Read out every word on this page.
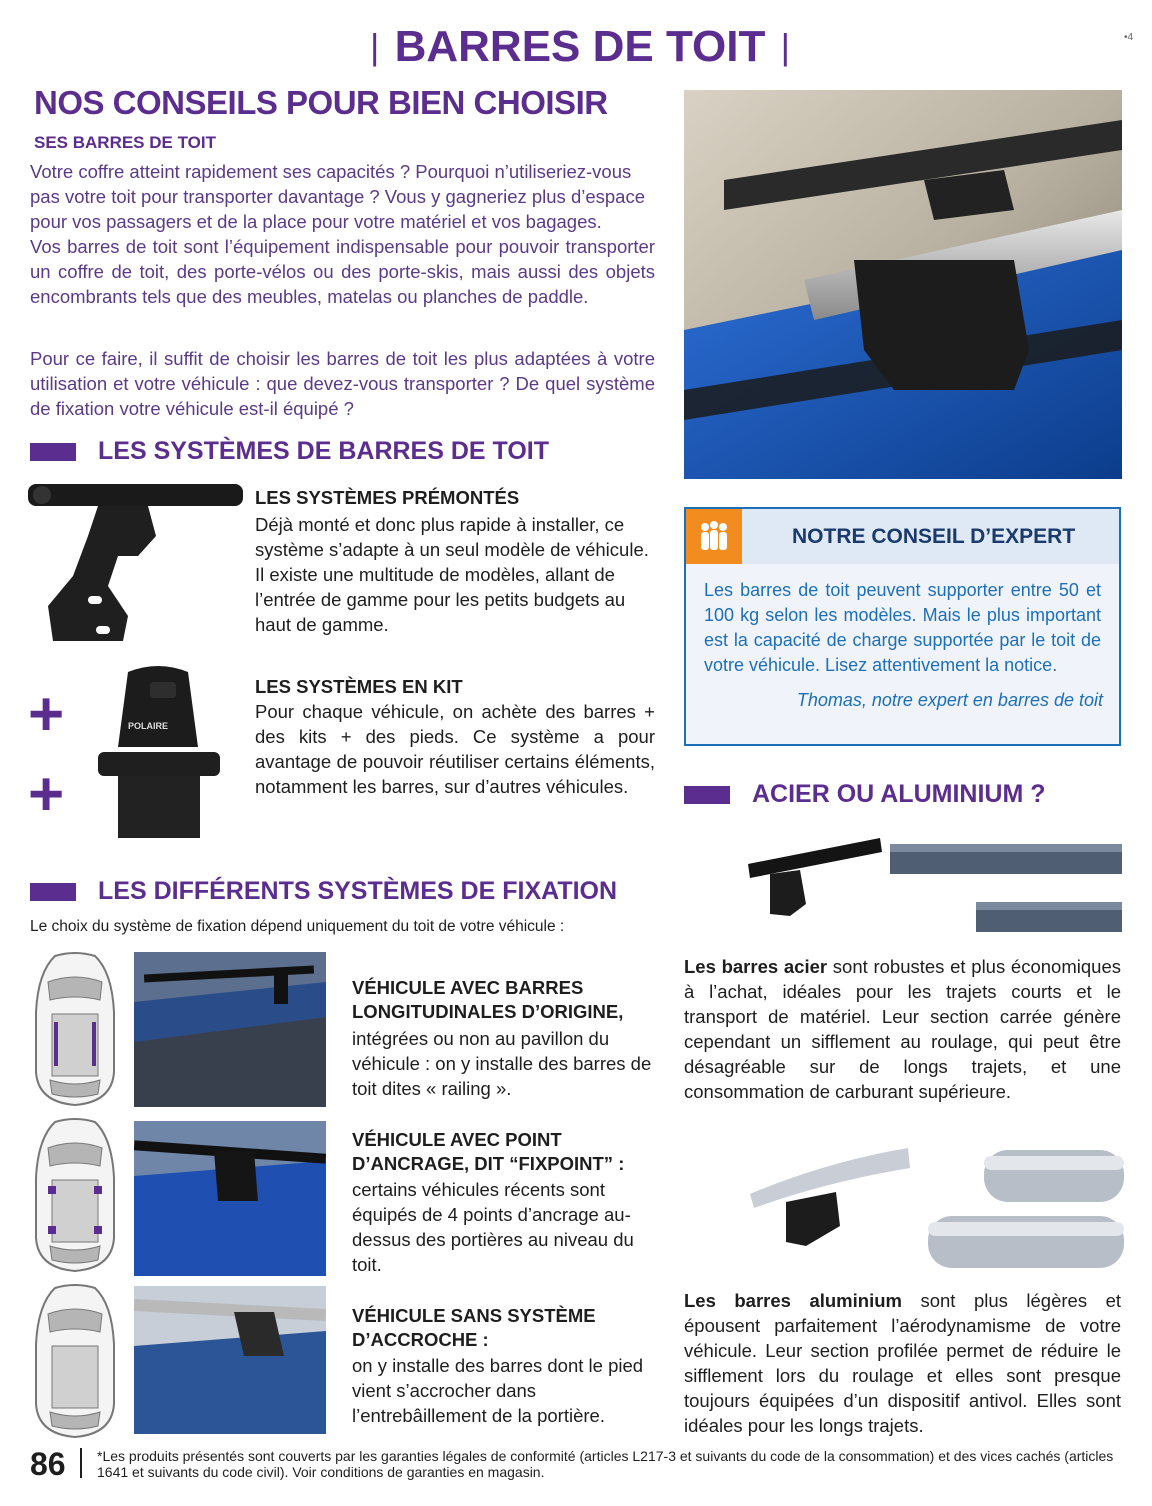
| BARRES DE TOIT |	•4
NOS CONSEILS POUR BIEN CHOISIR
SES BARRES DE TOIT
Votre coffre atteint rapidement ses capacités ? Pourquoi n’utiliseriez-vous pas votre toit pour transporter davantage ? Vous y gagneriez plus d’espace pour vos passagers et de la place pour votre matériel et vos bagages.
Vos barres de toit sont l’équipement indispensable pour pouvoir transporter un coffre de toit, des porte-vélos ou des porte-skis, mais aussi des objets encombrants tels que des meubles, matelas ou planches de paddle.
Pour ce faire, il suffit de choisir les barres de toit les plus adaptées à votre utilisation et votre véhicule : que devez-vous transporter ? De quel système de fixation votre véhicule est-il équipé ?
LES SYSTÈMES DE BARRES DE TOIT
LES SYSTÈMES PRÉMONTÉS
Déjà monté et donc plus rapide à installer, ce système s’adapte à un seul modèle de véhicule. Il existe une multitude de modèles, allant de l’entrée de gamme pour les petits budgets au haut de gamme.
+
+
POLAIRE
LES SYSTÈMES EN KIT
Pour chaque véhicule, on achète des barres + des kits + des pieds. Ce système a pour avantage de pouvoir réutiliser certains éléments, notamment les barres, sur d’autres véhicules.
LES DIFFÉRENTS SYSTÈMES DE FIXATION
Le choix du système de fixation dépend uniquement du toit de votre véhicule :
VÉHICULE AVEC BARRES LONGITUDINALES D’ORIGINE,
intégrées ou non au pavillon du véhicule : on y installe des barres de toit dites « railing ».
VÉHICULE AVEC POINT D’ANCRAGE, DIT “FIXPOINT” :
certains véhicules récents sont équipés de 4 points d’ancrage au-dessus des portières au niveau du toit.
VÉHICULE SANS SYSTÈME D’ACCROCHE :
on y installe des barres dont le pied vient s’accrocher dans l’entrebâillement de la portière.
NOTRE CONSEIL D’EXPERT
Les barres de toit peuvent supporter entre 50 et 100 kg selon les modèles. Mais le plus important est la capacité de charge supportée par le toit de votre véhicule. Lisez attentivement la notice.
Thomas, notre expert en barres de toit
ACIER OU ALUMINIUM ?
Les barres acier sont robustes et plus économiques à l’achat, idéales pour les trajets courts et le transport de matériel. Leur section carrée génère cependant un sifflement au roulage, qui peut être désagréable sur de longs trajets, et une consommation de carburant supérieure.
Les barres aluminium sont plus légères et épousent parfaitement l’aérodynamisme de votre véhicule. Leur section profilée permet de réduire le sifflement lors du roulage et elles sont presque toujours équipées d’un dispositif antivol. Elles sont idéales pour les longs trajets.
86 *Les produits présentés sont couverts par les garanties légales de conformité (articles L217-3 et suivants du code de la consommation) et des vices cachés (articles 1641 et suivants du code civil). Voir conditions de garanties en magasin.
